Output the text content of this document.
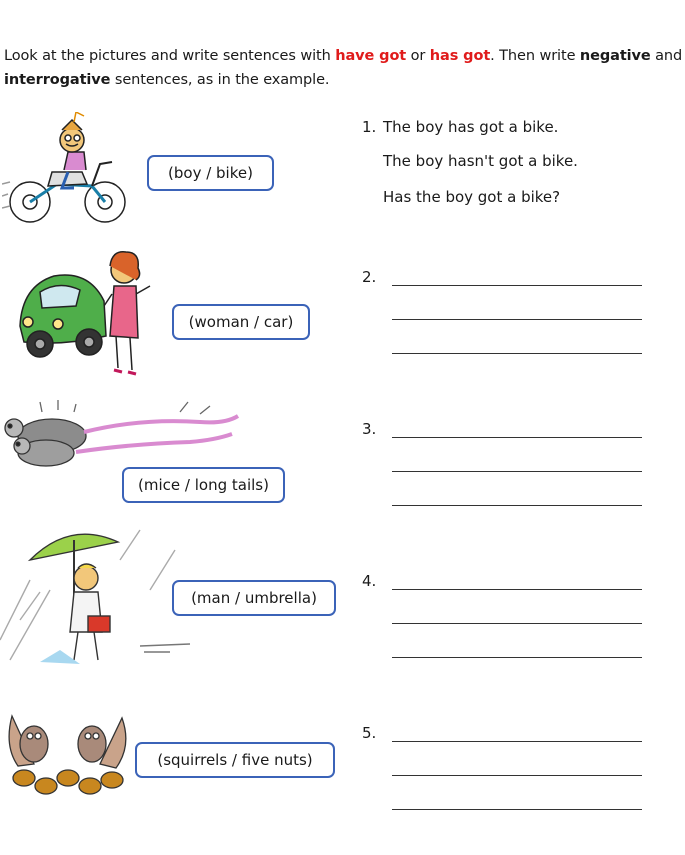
Look at the pictures and write sentences with have got or has got. Then write negative and interrogative sentences, as in the example.
(boy / bike)
1. The boy has got a bike.
The boy hasn't got a bike.
Has the boy got a bike?
(woman / car)
2.
(mice / long tails)
3.
(man / umbrella)
4.
(squirrels / five nuts)
5.
